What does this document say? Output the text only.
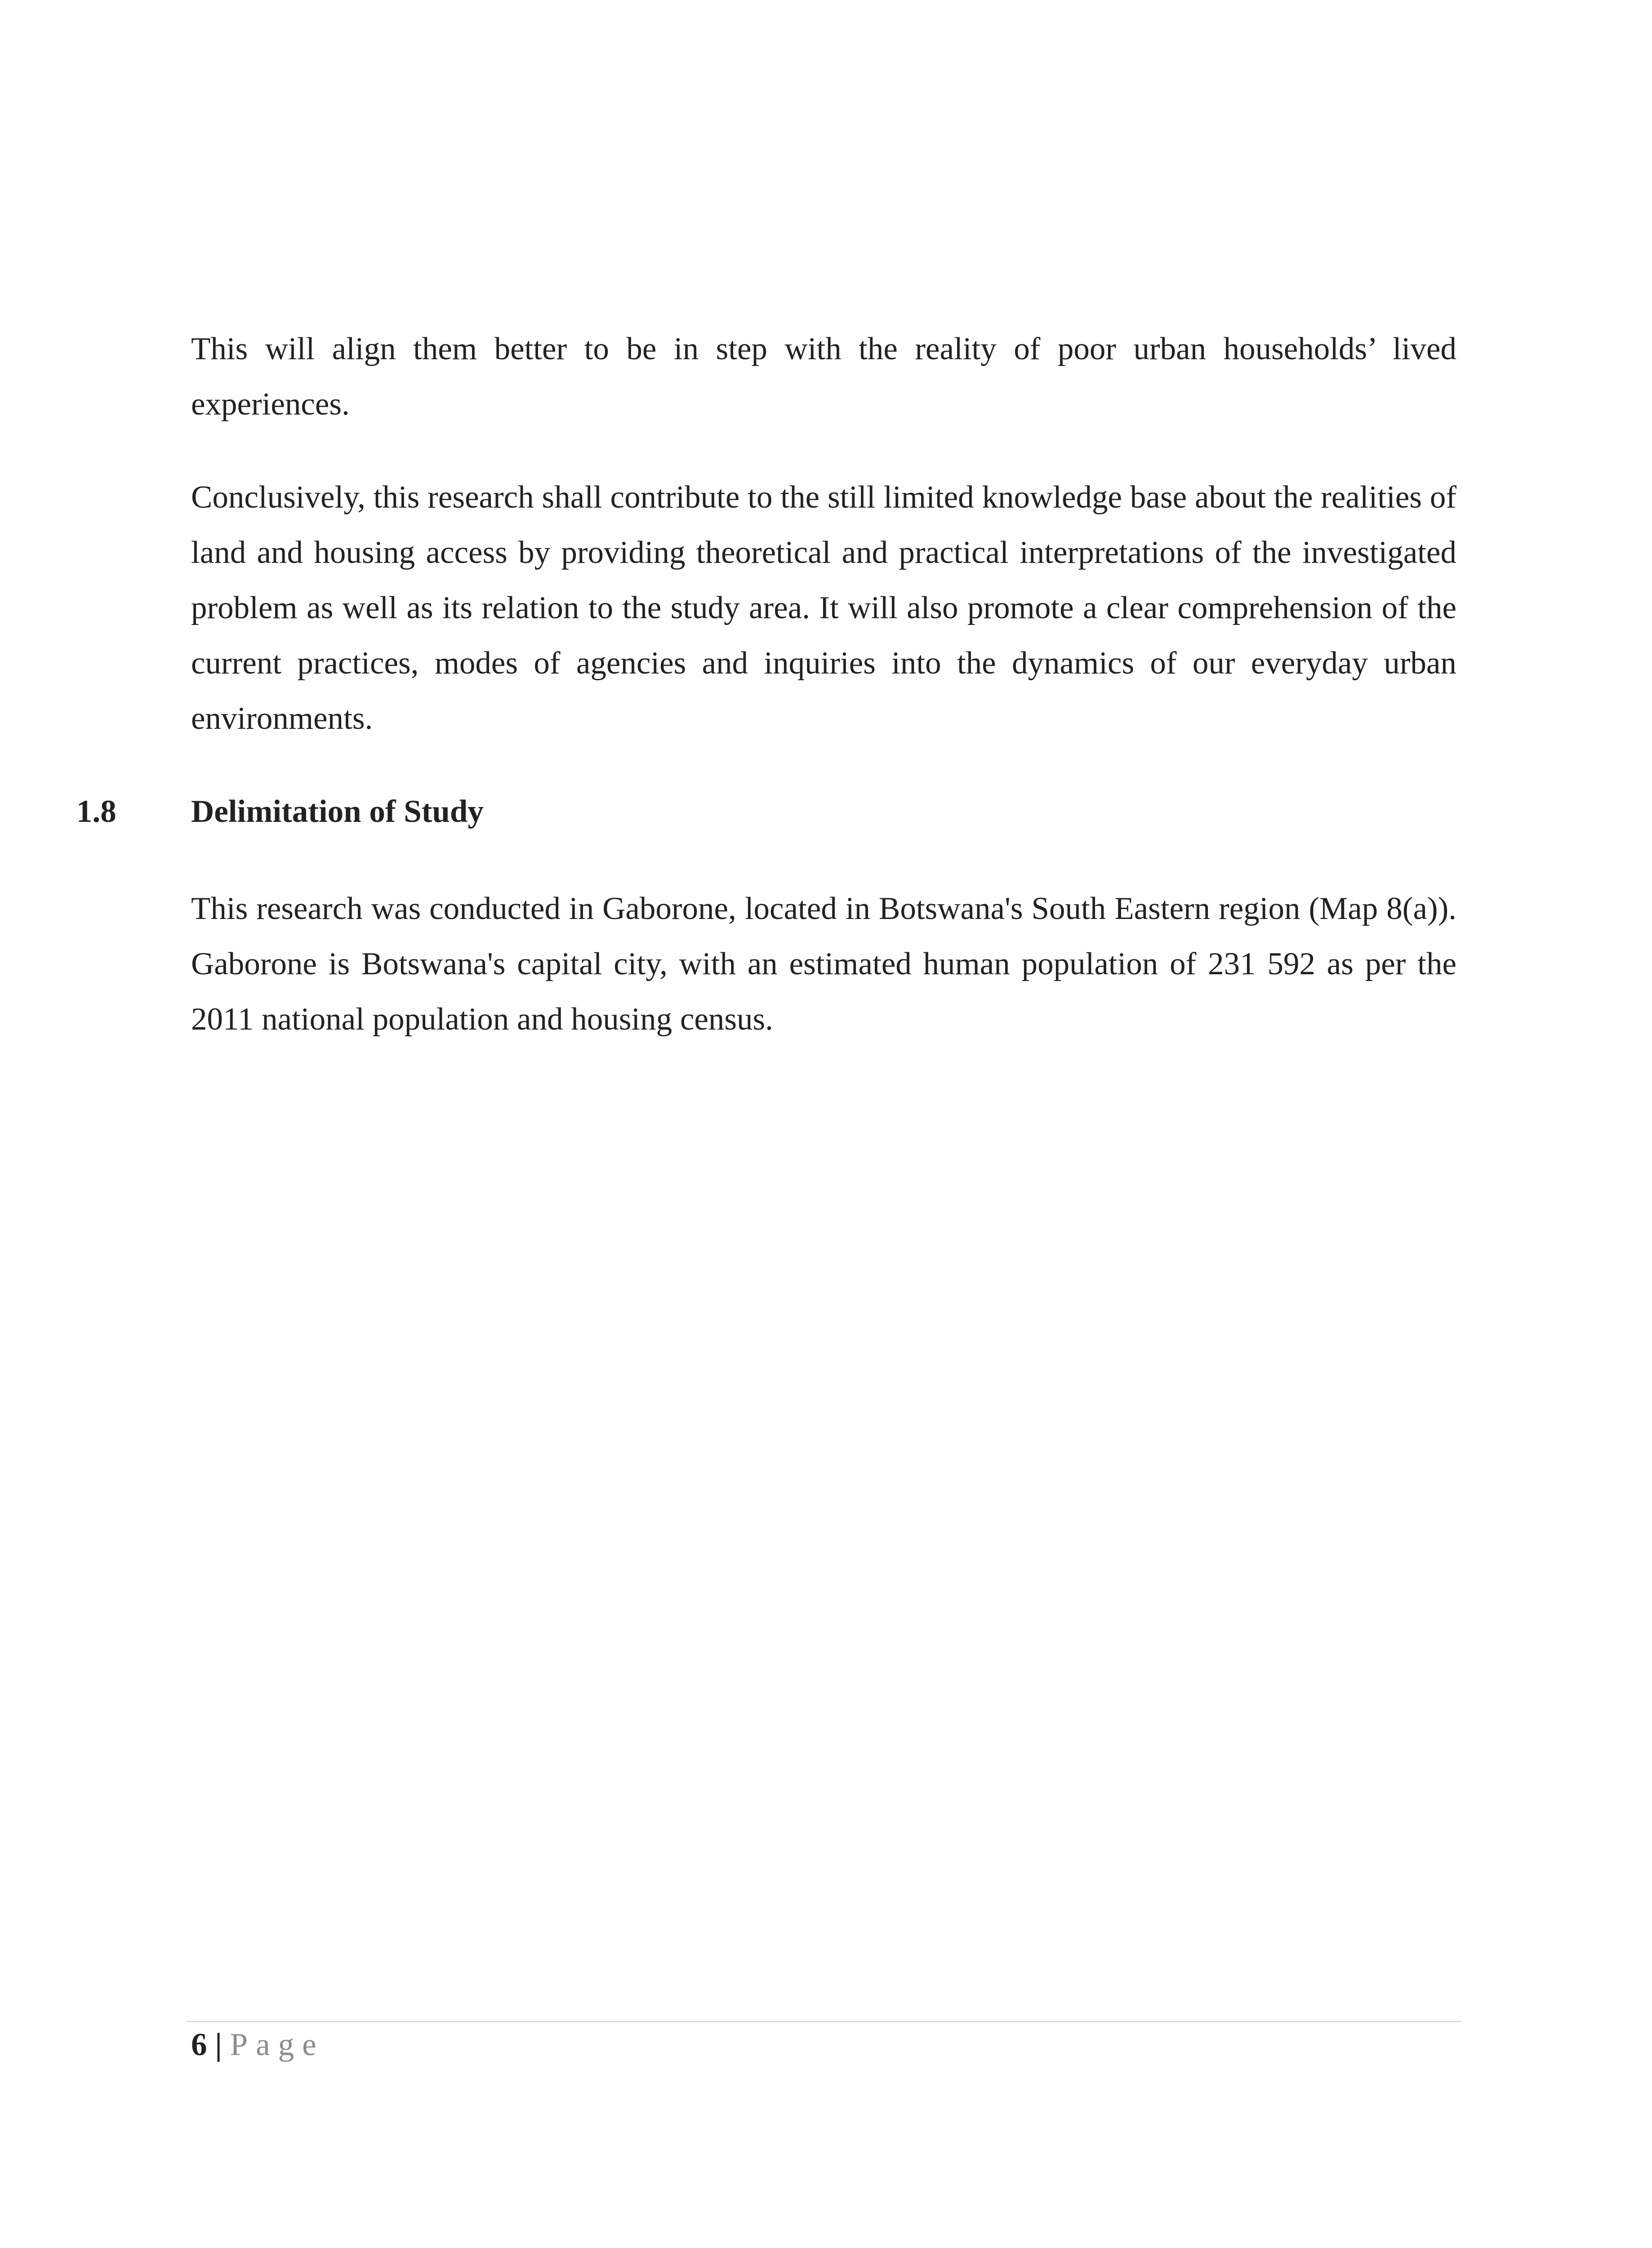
This will align them better to be in step with the reality of poor urban households’ lived experiences.

Conclusively, this research shall contribute to the still limited knowledge base about the realities of land and housing access by providing theoretical and practical interpretations of the investigated problem as well as its relation to the study area. It will also promote a clear comprehension of the current practices, modes of agencies and inquiries into the dynamics of our everyday urban environments.

1.8 Delimitation of Study

This research was conducted in Gaborone, located in Botswana's South Eastern region (Map 8(a)). Gaborone is Botswana's capital city, with an estimated human population of 231 592 as per the 2011 national population and housing census.

6 | Page
